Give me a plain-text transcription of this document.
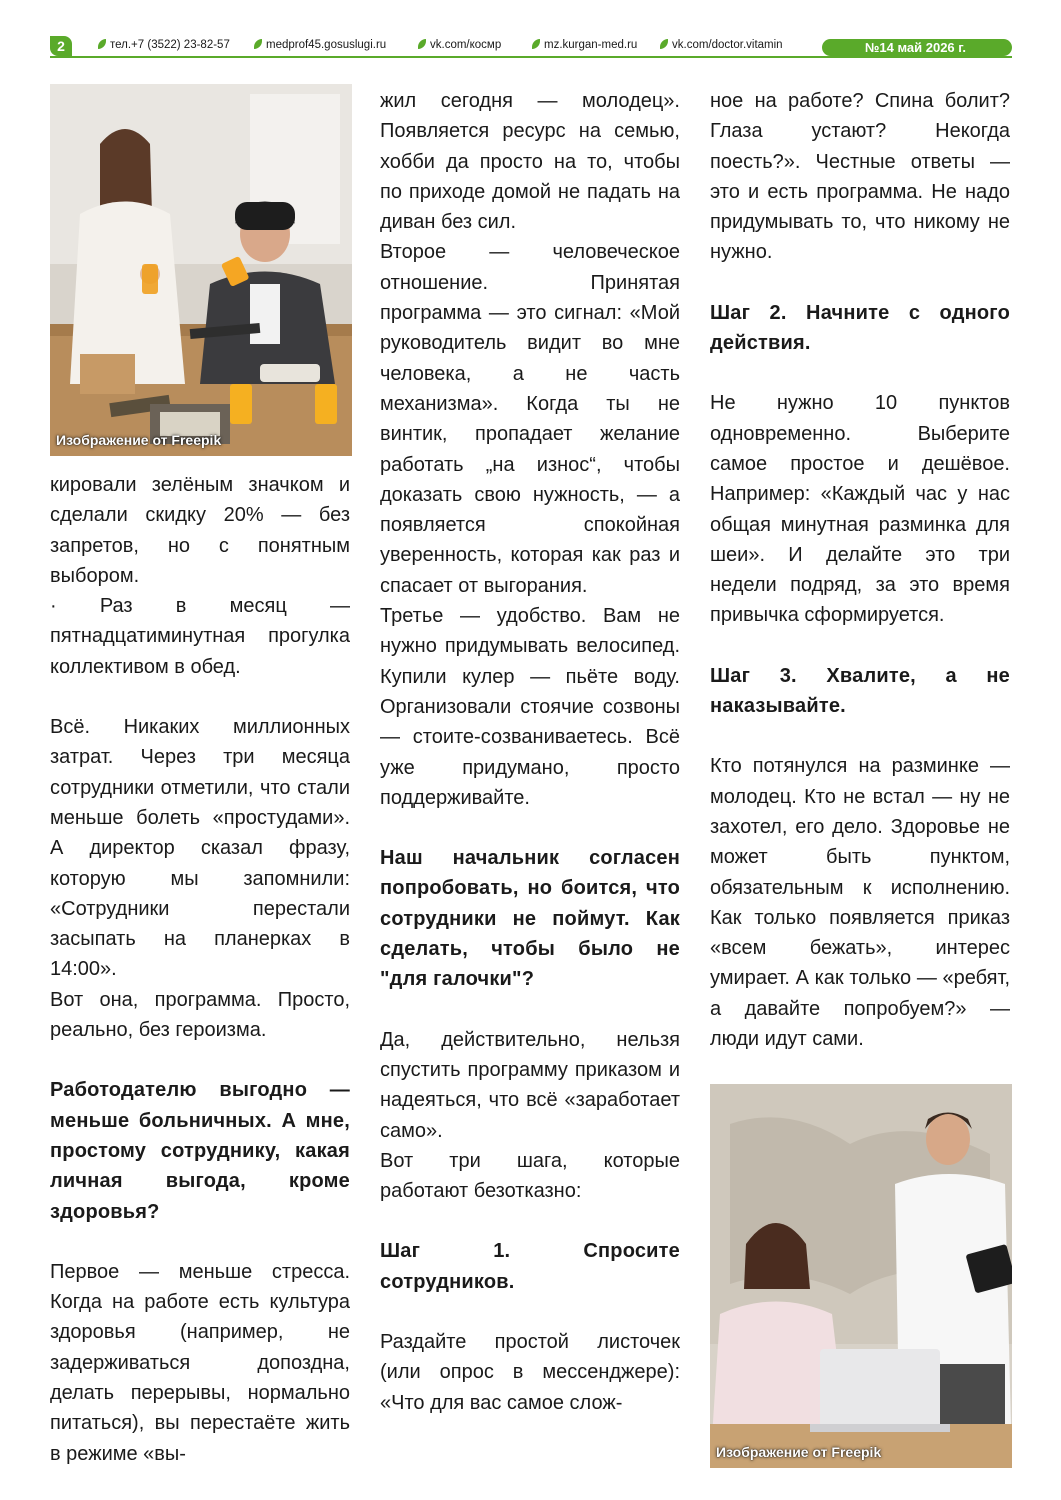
2	тел.+7 (3522) 23-82-57	medprof45.gosuslugi.ru	vk.com/космр	mz.kurgan-med.ru	vk.com/doctor.vitamin	№14 май 2026 г.
Изображение от Freepik

кировали зелёным значком и сделали скидку 20% — без запретов, но с понятным выбором.

· Раз в месяц — пятнадцатиминутная прогулка коллективом в обед.

Всё. Никаких миллионных затрат. Через три месяца сотрудники отметили, что стали меньше болеть «простудами». А директор сказал фразу, которую мы запомнили: «Сотрудники перестали засыпать на планерках в 14:00».

Вот она, программа. Просто, реально, без героизма.

Работодателю выгодно — меньше больничных. А мне, простому сотруднику, какая личная выгода, кроме здоровья?

Первое — меньше стресса. Когда на работе есть культура здоровья (например, не задерживаться допоздна, делать перерывы, нормально питаться), вы перестаёте жить в режиме «вы-

жил сегодня — молодец». Появляется ресурс на семью, хобби да просто на то, чтобы по приходе домой не падать на диван без сил.

Второе — человеческое отношение. Принятая программа — это сигнал: «Мой руководитель видит во мне человека, а не часть механизма». Когда ты не винтик, пропадает желание работать „на износ“, чтобы доказать свою нужность, — а появляется спокойная уверенность, которая как раз и спасает от выгорания.

Третье — удобство. Вам не нужно придумывать велосипед. Купили кулер — пьёте воду. Организовали стоячие созвоны — стоите-созваниваетесь. Всё уже придумано, просто поддерживайте.

Наш начальник согласен попробовать, но боится, что сотрудники не поймут. Как сделать, чтобы было не "для галочки"?

Да, действительно, нельзя спустить программу приказом и надеяться, что всё «заработает само».

Вот три шага, которые работают безотказно:

Шаг 1. Спросите сотрудников.

Раздайте простой листочек (или опрос в мессенджере): «Что для вас самое слож-

ное на работе? Спина болит? Глаза устают? Некогда поесть?». Честные ответы — это и есть программа. Не надо придумывать то, что никому не нужно.

Шаг 2. Начните с одного действия.

Не нужно 10 пунктов одновременно. Выберите самое простое и дешёвое. Например: «Каждый час у нас общая минутная разминка для шеи». И делайте это три недели подряд, за это время привычка сформируется.

Шаг 3. Хвалите, а не наказывайте.

Кто потянулся на разминке — молодец. Кто не встал — ну не захотел, его дело. Здоровье не может быть пунктом, обязательным к исполнению. Как только появляется приказ «всем бежать», интерес умирает. А как только — «ребят, а давайте попробуем?» — люди идут сами.

Изображение от Freepik
